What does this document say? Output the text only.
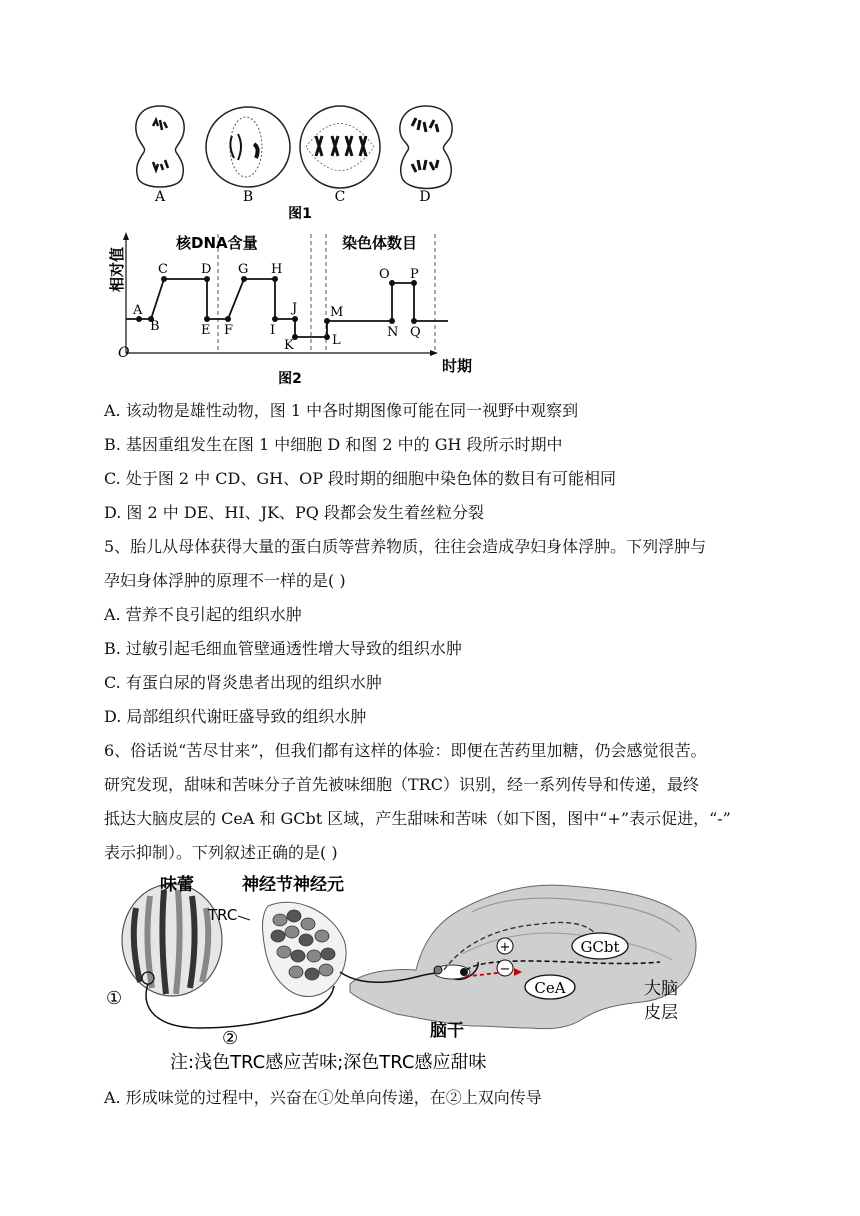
A	B	C	D
图1
O
时期
相对值
核DNA含量	染色体数目
A
B
C	D
E F
G H
I
J
K	L
M
N
O P
Q
图2
A. 该动物是雄性动物，图 1 中各时期图像可能在同一视野中观察到
B. 基因重组发生在图 1 中细胞 D 和图 2 中的 GH 段所示时期中
C. 处于图 2 中 CD、GH、OP 段时期的细胞中染色体的数目有可能相同
D. 图 2 中 DE、HI、JK、PQ 段都会发生着丝粒分裂
5、胎儿从母体获得大量的蛋白质等营养物质，往往会造成孕妇身体浮肿。下列浮肿与
孕妇身体浮肿的原理不一样的是( )
A. 营养不良引起的组织水肿
B. 过敏引起毛细血管壁通透性增大导致的组织水肿
C. 有蛋白尿的肾炎患者出现的组织水肿
D. 局部组织代谢旺盛导致的组织水肿
6、俗话说“苦尽甘来”，但我们都有这样的体验：即便在苦药里加糖，仍会感觉很苦。
研究发现，甜味和苦味分子首先被味细胞（TRC）识别，经一系列传导和传递，最终
抵达大脑皮层的 CeA 和 GCbt 区域，产生甜味和苦味（如下图，图中“+”表示促进，“-”
表示抑制）。下列叙述正确的是( )
+
−
GCbt
CeA
味蕾	神经节神经元
TRC
①
②	脑干
大脑
皮层
注:浅色TRC感应苦味;深色TRC感应甜味
A. 形成味觉的过程中，兴奋在①处单向传递，在②上双向传导
